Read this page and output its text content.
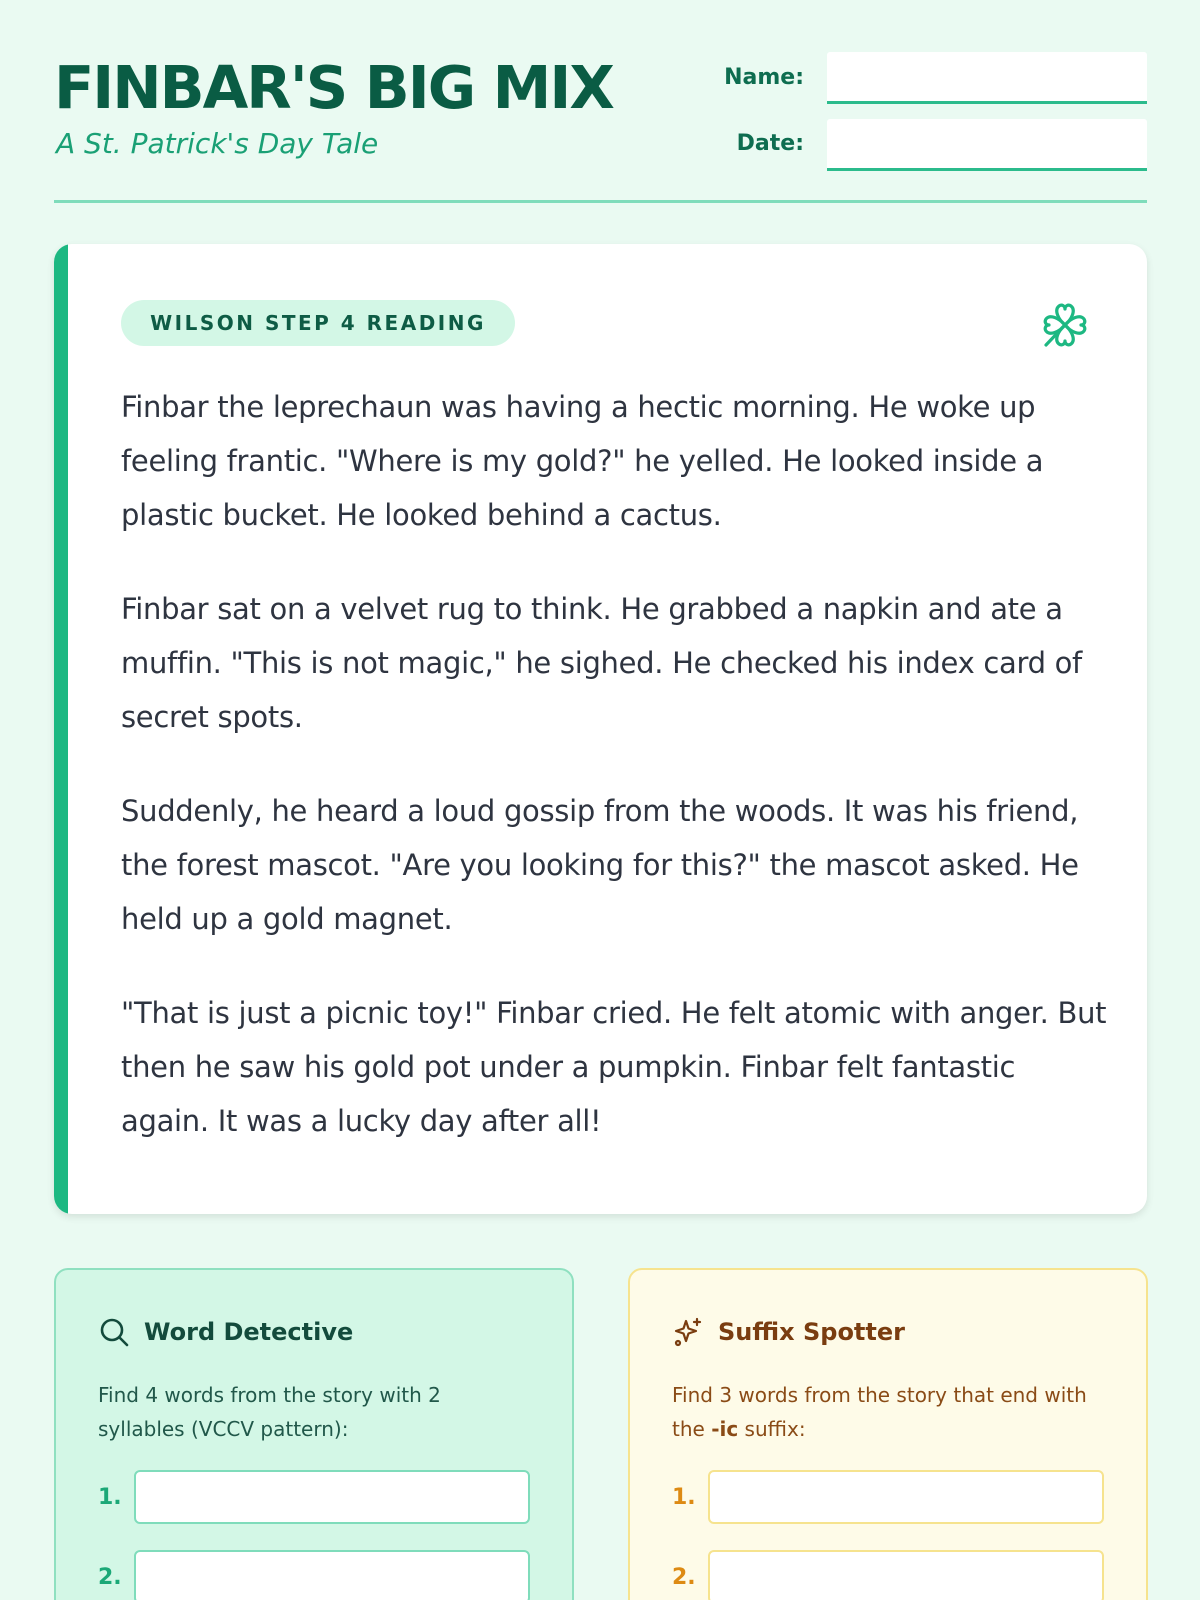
FINBAR'S BIG MIX
A St. Patrick's Day Tale
Name:
Date:
WILSON STEP 4 READING

Finbar the leprechaun was having a hectic morning. He woke up feeling frantic. "Where is my gold?" he yelled. He looked inside a plastic bucket. He looked behind a cactus.

Finbar sat on a velvet rug to think. He grabbed a napkin and ate a muffin. "This is not magic," he sighed. He checked his index card of secret spots.

Suddenly, he heard a loud gossip from the woods. It was his friend, the forest mascot. "Are you looking for this?" the mascot asked. He held up a gold magnet.

"That is just a picnic toy!" Finbar cried. He felt atomic with anger. But then he saw his gold pot under a pumpkin. Finbar felt fantastic again. It was a lucky day after all!

Word Detective
Find 4 words from the story with 2 syllables (VCCV pattern):
1.
2.
Suffix Spotter
Find 3 words from the story that end with the -ic suffix:
1.
2.
